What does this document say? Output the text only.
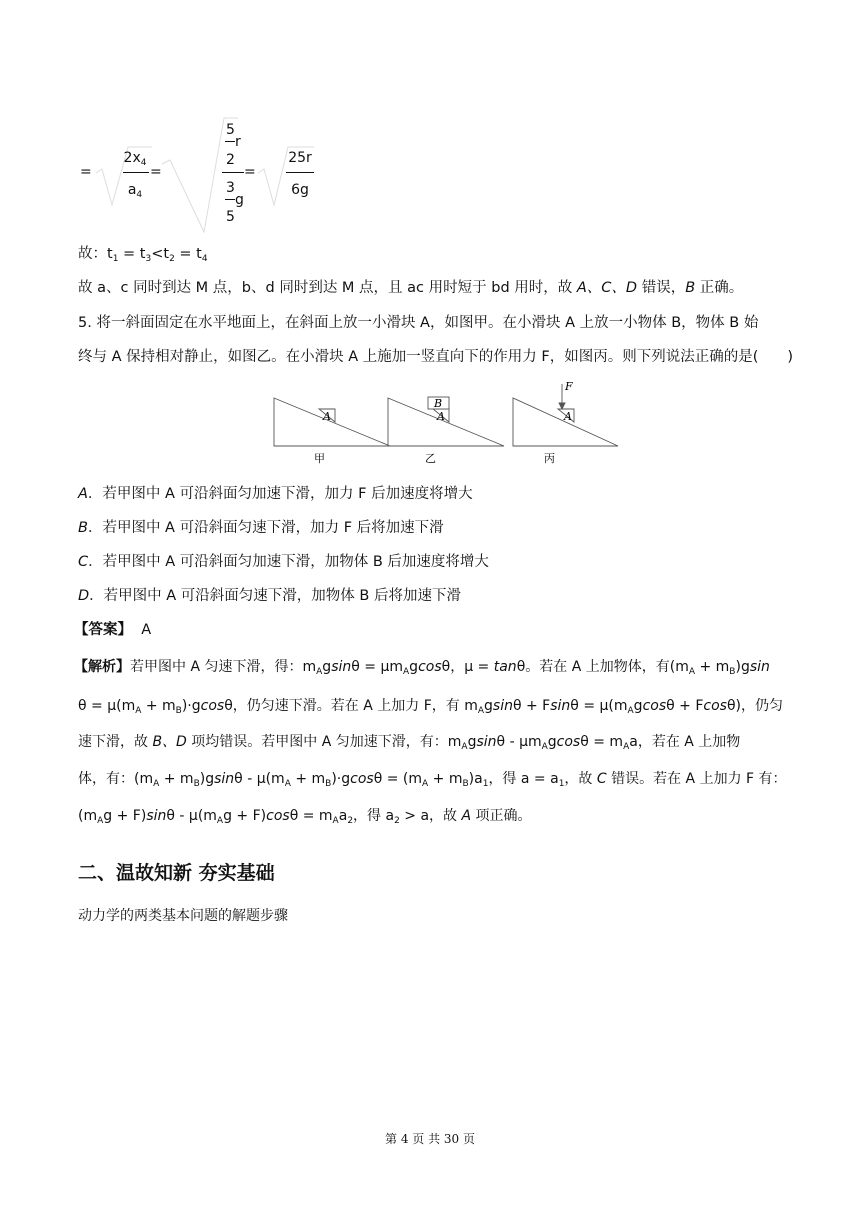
=
$2x_4$
$a_4$
=
5
r
2
3
g
5
=
25r
6g
故：$t_1 = t_3<t_2 = t_4$
故 a、c 同时到达 M 点，b、d 同时到达 M 点，且 ac 用时短于 bd 用时，故 A、C、D 错误，B 正确。
5. 将一斜面固定在水平地面上，在斜面上放一小滑块 A，如图甲。在小滑块 A 上放一小物体 B，物体 B 始
终与 A 保持相对静止，如图乙。在小滑块 A 上施加一竖直向下的作用力 F，如图丙。则下列说法正确的是(　　)
A	A
B
A
F
甲	乙	丙
A．若甲图中 A 可沿斜面匀加速下滑，加力 F 后加速度将增大
B．若甲图中 A 可沿斜面匀速下滑，加力 F 后将加速下滑
C．若甲图中 A 可沿斜面匀加速下滑，加物体 B 后加速度将增大
D．若甲图中 A 可沿斜面匀速下滑，加物体 B 后将加速下滑
【答案】 A
【解析】若甲图中 A 匀速下滑，得：$m_Agsin\theta = \mu m_Agcos\theta$，μ = tanθ。若在 A 上加物体，有$(m_A + m_B)gsin$
$\theta = \mu(m_A + m_B)\cdot gcos\theta$，仍匀速下滑。若在 A 上加力 F，有 $m_Agsin\theta + Fsin\theta = \mu(m_Agcos\theta + Fcos\theta)$，仍匀
速下滑，故 B、D 项均错误。若甲图中 A 匀加速下滑，有：$m_Agsin\theta - \mu m_Agcos\theta = m_Aa$，若在 A 上加物
体，有：$(m_A + m_B)gsin\theta - \mu(m_A + m_B)\cdot gcos\theta = (m_A + m_B)a_1$，得 $a = a_1$，故 C 错误。若在 A 上加力 F 有：
$(m_Ag + F)\sin\theta - \mu(m_Ag + F)\cos\theta = m_Aa_2$，得 $a_2 > a$，故 A 项正确。
二、温故知新 夯实基础
动力学的两类基本问题的解题步骤
第 4 页 共 30 页
